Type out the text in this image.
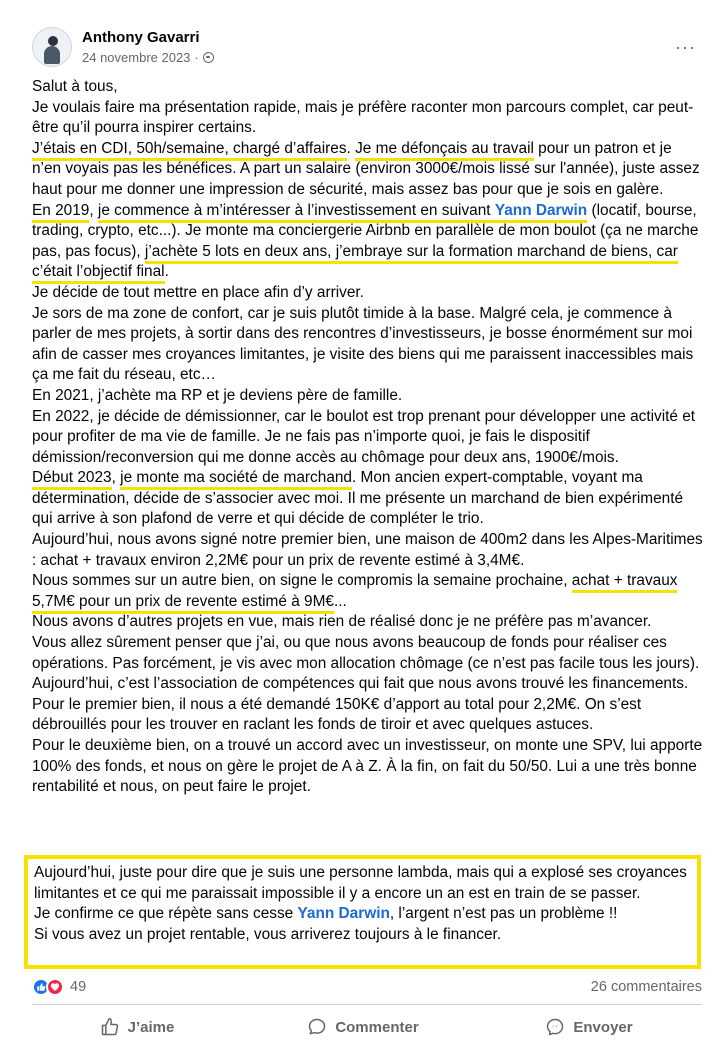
Anthony Gavarri
24 novembre 2023 ·
···

Salut à tous,

Je voulais faire ma présentation rapide, mais je préfère raconter mon parcours complet, car peut-être qu’il pourra inspirer certains.

J’étais en CDI, 50h/semaine, chargé d’affaires. Je me défonçais au travail pour un patron et je n’en voyais pas les bénéfices. A part un salaire (environ 3000€/mois lissé sur l'année), juste assez haut pour me donner une impression de sécurité, mais assez bas pour que je sois en galère.

En 2019, je commence à m’intéresser à l’investissement en suivant Yann Darwin (locatif, bourse, trading, crypto, etc...). Je monte ma conciergerie Airbnb en parallèle de mon boulot (ça ne marche pas, pas focus), j’achète 5 lots en deux ans, j’embraye sur la formation marchand de biens, car c’était l’objectif final.

Je décide de tout mettre en place afin d’y arriver.

Je sors de ma zone de confort, car je suis plutôt timide à la base. Malgré cela, je commence à parler de mes projets, à sortir dans des rencontres d’investisseurs, je bosse énormément sur moi afin de casser mes croyances limitantes, je visite des biens qui me paraissent inaccessibles mais ça me fait du réseau, etc…

En 2021, j’achète ma RP et je deviens père de famille.

En 2022, je décide de démissionner, car le boulot est trop prenant pour développer une activité et pour profiter de ma vie de famille. Je ne fais pas n’importe quoi, je fais le dispositif démission/reconversion qui me donne accès au chômage pour deux ans, 1900€/mois.

Début 2023, je monte ma société de marchand. Mon ancien expert-comptable, voyant ma détermination, décide de s’associer avec moi. Il me présente un marchand de bien expérimenté qui arrive à son plafond de verre et qui décide de compléter le trio.

Aujourd’hui, nous avons signé notre premier bien, une maison de 400m2 dans les Alpes-Maritimes : achat + travaux environ 2,2M€ pour un prix de revente estimé à 3,4M€.

Nous sommes sur un autre bien, on signe le compromis la semaine prochaine, achat + travaux 5,7M€ pour un prix de revente estimé à 9M€...

Nous avons d’autres projets en vue, mais rien de réalisé donc je ne préfère pas m’avancer.

Vous allez sûrement penser que j’ai, ou que nous avons beaucoup de fonds pour réaliser ces opérations. Pas forcément, je vis avec mon allocation chômage (ce n’est pas facile tous les jours).

Aujourd’hui, c’est l’association de compétences qui fait que nous avons trouvé les financements.

Pour le premier bien, il nous a été demandé 150K€ d’apport au total pour 2,2M€. On s’est débrouillés pour les trouver en raclant les fonds de tiroir et avec quelques astuces.

Pour le deuxième bien, on a trouvé un accord avec un investisseur, on monte une SPV, lui apporte 100% des fonds, et nous on gère le projet de A à Z. À la fin, on fait du 50/50. Lui a une très bonne rentabilité et nous, on peut faire le projet.

Aujourd’hui, juste pour dire que je suis une personne lambda, mais qui a explosé ses croyances limitantes et ce qui me paraissait impossible il y a encore un an est en train de se passer.

Je confirme ce que répète sans cesse Yann Darwin, l’argent n’est pas un problème !!

Si vous avez un projet rentable, vous arriverez toujours à le financer.

49	26 commentaires
J’aime	Commenter	Envoyer
